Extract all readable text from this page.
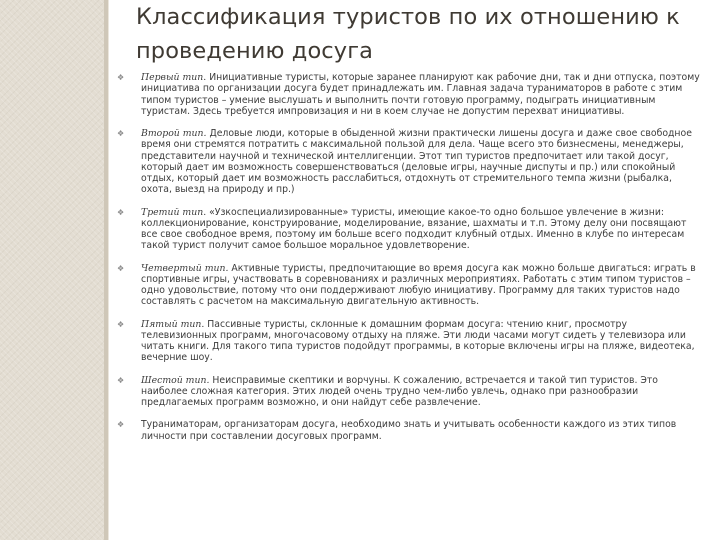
Классификация туристов по их отношению к проведению досуга
❖ Первый тип. Инициативные туристы, которые заранее планируют как рабочие дни, так и дни отпуска, поэтому инициатива по организации досуга будет принадлежать им. Главная задача тураниматоров в работе с этим типом туристов – умение выслушать и выполнить почти готовую программу, подыграть инициативным туристам. Здесь требуется импровизация и ни в коем случае не допустим перехват инициативы.
❖ Второй тип. Деловые люди, которые в обыденной жизни практически лишены досуга и даже свое свободное время они стремятся потратить с максимальной пользой для дела. Чаще всего это бизнесмены, менеджеры, представители научной и технической интеллигенции. Этот тип туристов предпочитает или такой досуг, который дает им возможность совершенствоваться (деловые игры, научные диспуты и пр.) или спокойный отдых, который дает им возможность расслабиться, отдохнуть от стремительного темпа жизни (рыбалка, охота, выезд на природу и пр.)
❖ Третий тип. «Узкоспециализированные» туристы, имеющие какое-то одно большое увлечение в жизни: коллекционирование, конструирование, моделирование, вязание, шахматы и т.п. Этому делу они посвящают все свое свободное время, поэтому им больше всего подходит клубный отдых. Именно в клубе по интересам такой турист получит самое большое моральное удовлетворение.
❖ Четвертый тип. Активные туристы, предпочитающие во время досуга как можно больше двигаться: играть в спортивные игры, участвовать в соревнованиях и различных мероприятиях. Работать с этим типом туристов – одно удовольствие, потому что они поддерживают любую инициативу. Программу для таких туристов надо составлять с расчетом на максимальную двигательную активность.
❖ Пятый тип. Пассивные туристы, склонные к домашним формам досуга: чтению книг, просмотру телевизионных программ, многочасовому отдыху на пляже. Эти люди часами могут сидеть у телевизора или читать книги. Для такого типа туристов подойдут программы, в которые включены игры на пляже, видеотека, вечерние шоу.
❖ Шестой тип. Неисправимые скептики и ворчуны. К сожалению, встречается и такой тип туристов. Это наиболее сложная категория. Этих людей очень трудно чем-либо увлечь, однако при разнообразии предлагаемых программ возможно, и они найдут себе развлечение.
❖ Тураниматорам, организаторам досуга, необходимо знать и учитывать особенности каждого из этих типов личности при составлении досуговых программ.
